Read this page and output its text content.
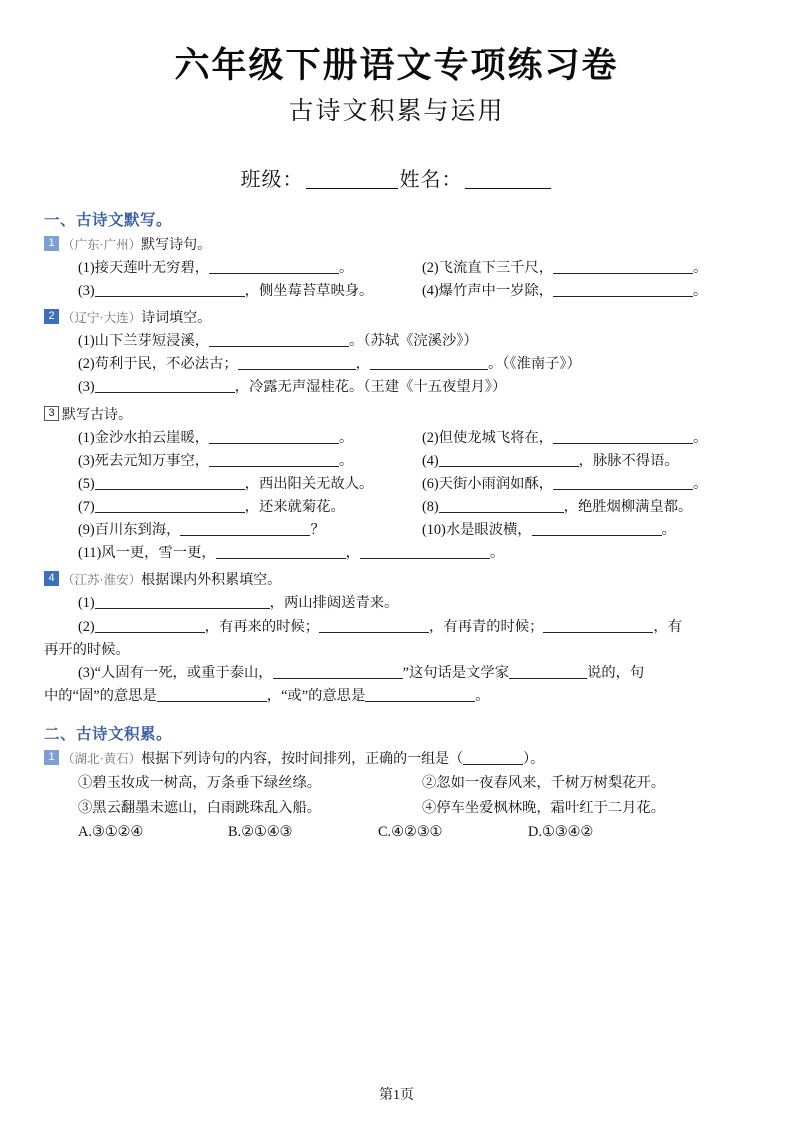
六年级下册语文专项练习卷
古诗文积累与运用
班级：	姓名：
一、古诗文默写。
1 （广东·广州）默写诗句。
(1)接天莲叶无穷碧，	。	(2)飞流直下三千尺，	。
(3)	，侧坐莓苔草映身。	(4)爆竹声中一岁除，	。
2 （辽宁·大连）诗词填空。
(1)山下兰芽短浸溪，	。（苏轼《浣溪沙》）
(2)苟利于民，不必法古；	，	。（《淮南子》）
(3)	，冷露无声湿桂花。（王建《十五夜望月》）
3 默写古诗。
(1)金沙水拍云崖暖，	。	(2)但使龙城飞将在，	。
(3)死去元知万事空，	。	(4)	，脉脉不得语。
(5)	，西出阳关无故人。	(6)天街小雨润如酥，	。
(7)	，还来就菊花。	(8)	，绝胜烟柳满皇都。
(9)百川东到海，	？	(10)水是眼波横，	。
(11)风一更，雪一更，	，	。
4 （江苏·淮安）根据课内外积累填空。
(1)	，两山排闼送青来。
(2)	，有再来的时候；	，有再青的时候；	，有
再开的时候。
(3)“人固有一死，或重于泰山，	”这句话是文学家	说的，句
中的“固”的意思是	，“或”的意思是	。
二、古诗文积累。
1 （湖北·黄石）根据下列诗句的内容，按时间排列，正确的一组是（	）。
①碧玉妆成一树高，万条垂下绿丝绦。	②忽如一夜春风来，千树万树梨花开。
③黑云翻墨未遮山，白雨跳珠乱入船。	④停车坐爱枫林晚，霜叶红于二月花。
A.③①②④	B.②①④③	C.④②③①	D.①③④②
第1页
